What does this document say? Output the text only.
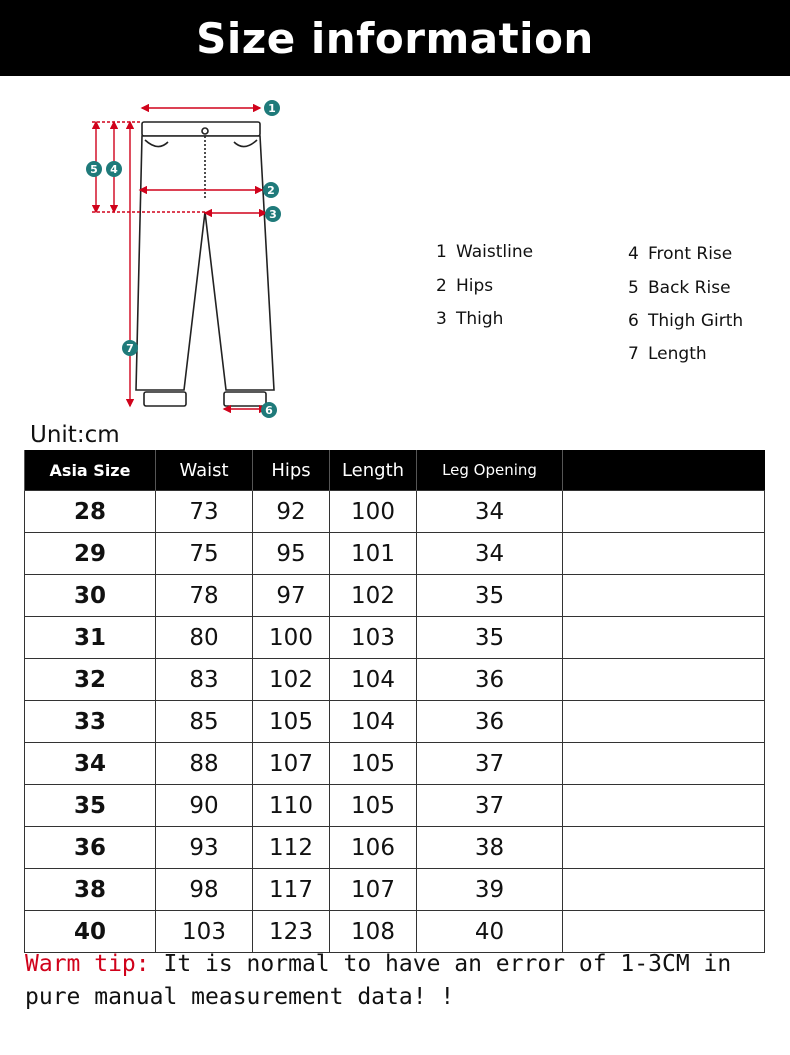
Size information
1
2
3
4
5
6
7
1 Waistline
2 Hips
3 Thigh
4 Front Rise
5 Back Rise
6 Thigh Girth
7 Length
Unit:cm
Asia Size	Waist	Hips	Length	Leg Opening	
28	73	92	100	34	
29	75	95	101	34	
30	78	97	102	35	
31	80	100	103	35	
32	83	102	104	36	
33	85	105	104	36	
34	88	107	105	37	
35	90	110	105	37	
36	93	112	106	38	
38	98	117	107	39	
40	103	123	108	40	
Warm tip: It is normal to have an error of 1-3CM in pure manual measurement data! !
